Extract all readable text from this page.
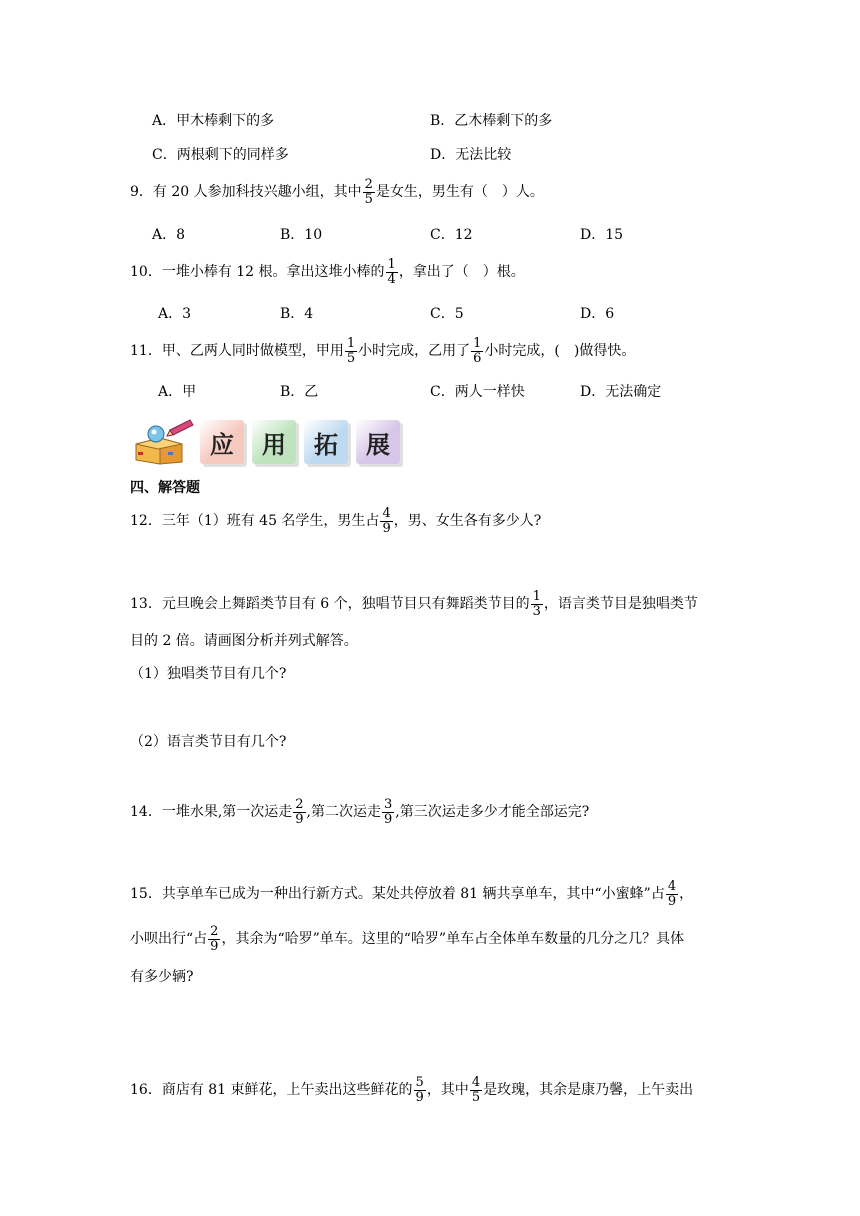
A．甲木棒剩下的多	B．乙木棒剩下的多
C．两根剩下的同样多	D．无法比较
9．有 20 人参加科技兴趣小组，其中 $\frac{2}{5}$ 是女生，男生有（　）人。
A．8	B．10	C．12	D．15
10．一堆小棒有 12 根。拿出这堆小棒的 $\frac{1}{4}$ ，拿出了（　）根。
A．3	B．4	C．5	D．6
11．甲、乙两人同时做模型，甲用 $\frac{1}{5}$ 小时完成，乙用了 $\frac{1}{6}$ 小时完成，(　)做得快。
A．甲	B．乙	C．两人一样快	D．无法确定
应	用	拓	展
四、解答题
12．三年（1）班有 45 名学生，男生占 $\frac{4}{9}$ ，男、女生各有多少人?
13．元旦晚会上舞蹈类节目有 6 个，独唱节目只有舞蹈类节目的 $\frac{1}{3}$ ，语言类节目是独唱类节
目的 2 倍。请画图分析并列式解答。
（1）独唱类节目有几个?
（2）语言类节目有几个?
14．一堆水果,第一次运走 $\frac{2}{9}$ ,第二次运走 $\frac{3}{9}$ ,第三次运走多少才能全部运完?
15．共享单车已成为一种出行新方式。某处共停放着 81 辆共享单车，其中“小蜜蜂”占 $\frac{4}{9}$ ，
小呗出行“占 $\frac{2}{9}$ ，其余为“哈罗”单车。这里的“哈罗”单车占全体单车数量的几分之几？具体
有多少辆?
16．商店有 81 束鲜花，上午卖出这些鲜花的 $\frac{5}{9}$ ，其中 $\frac{4}{5}$ 是玫瑰，其余是康乃馨，上午卖出
